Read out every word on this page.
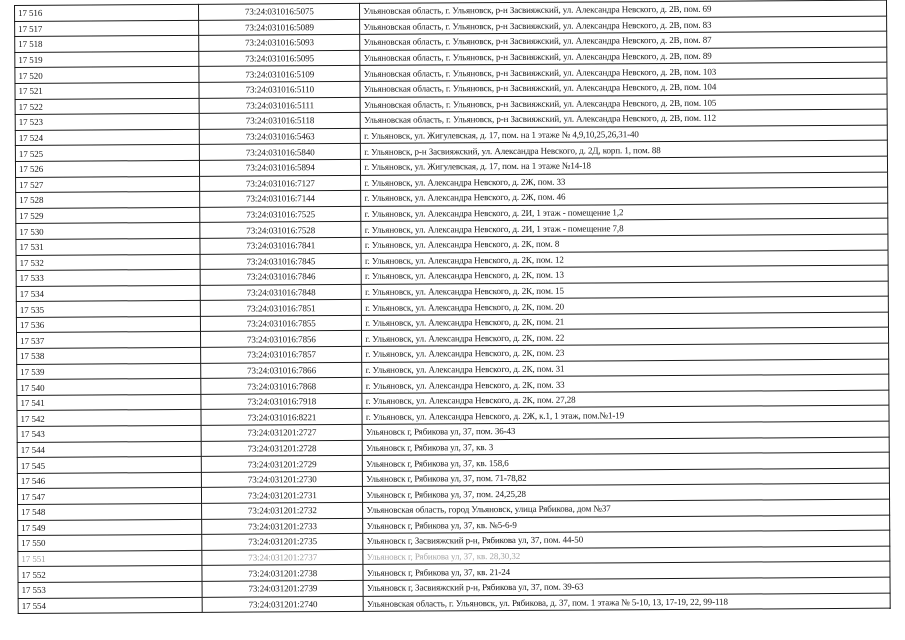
17 516	73:24:031016:5075	Ульяновская область, г. Ульяновск, р-н Засвияжский, ул. Александра Невского, д. 2В, пом. 69
17 517	73:24:031016:5089	Ульяновская область, г. Ульяновск, р-н Засвияжский, ул. Александра Невского, д. 2В, пом. 83
17 518	73:24:031016:5093	Ульяновская область, г. Ульяновск, р-н Засвияжский, ул. Александра Невского, д. 2В, пом. 87
17 519	73:24:031016:5095	Ульяновская область, г. Ульяновск, р-н Засвияжский, ул. Александра Невского, д. 2В, пом. 89
17 520	73:24:031016:5109	Ульяновская область, г. Ульяновск, р-н Засвияжский, ул. Александра Невского, д. 2В, пом. 103
17 521	73:24:031016:5110	Ульяновская область, г. Ульяновск, р-н Засвияжский, ул. Александра Невского, д. 2В, пом. 104
17 522	73:24:031016:5111	Ульяновская область, г. Ульяновск, р-н Засвияжский, ул. Александра Невского, д. 2В, пом. 105
17 523	73:24:031016:5118	Ульяновская область, г. Ульяновск, р-н Засвияжский, ул. Александра Невского, д. 2В, пом. 112
17 524	73:24:031016:5463	г. Ульяновск, ул. Жигулевская, д. 17, пом. на 1 этаже № 4,9,10,25,26,31-40
17 525	73:24:031016:5840	г. Ульяновск, р-н Засвияжский, ул. Александра Невского, д. 2Д, корп. 1, пом. 88
17 526	73:24:031016:5894	г. Ульяновск, ул. Жигулевская, д. 17, пом. на 1 этаже №14-18
17 527	73:24:031016:7127	г. Ульяновск, ул. Александра Невского, д. 2Ж, пом. 33
17 528	73:24:031016:7144	г. Ульяновск, ул. Александра Невского, д. 2Ж, пом. 46
17 529	73:24:031016:7525	г. Ульяновск, ул. Александра Невского, д. 2И, 1 этаж - помещение 1,2
17 530	73:24:031016:7528	г. Ульяновск, ул. Александра Невского, д. 2И, 1 этаж - помещение 7,8
17 531	73:24:031016:7841	г. Ульяновск, ул. Александра Невского, д. 2К, пом. 8
17 532	73:24:031016:7845	г. Ульяновск, ул. Александра Невского, д. 2К, пом. 12
17 533	73:24:031016:7846	г. Ульяновск, ул. Александра Невского, д. 2К, пом. 13
17 534	73:24:031016:7848	г. Ульяновск, ул. Александра Невского, д. 2К, пом. 15
17 535	73:24:031016:7851	г. Ульяновск, ул. Александра Невского, д. 2К, пом. 20
17 536	73:24:031016:7855	г. Ульяновск, ул. Александра Невского, д. 2К, пом. 21
17 537	73:24:031016:7856	г. Ульяновск, ул. Александра Невского, д. 2К, пом. 22
17 538	73:24:031016:7857	г. Ульяновск, ул. Александра Невского, д. 2К, пом. 23
17 539	73:24:031016:7866	г. Ульяновск, ул. Александра Невского, д. 2К, пом. 31
17 540	73:24:031016:7868	г. Ульяновск, ул. Александра Невского, д. 2К, пом. 33
17 541	73:24:031016:7918	г. Ульяновск, ул. Александра Невского, д. 2К, пом. 27,28
17 542	73:24:031016:8221	г. Ульяновск, ул. Александра Невского, д. 2Ж, к.1, 1 этаж, пом.№1-19
17 543	73:24:031201:2727	Ульяновск г, Рябикова ул, 37, пом. 36-43
17 544	73:24:031201:2728	Ульяновск г, Рябикова ул, 37, кв. 3
17 545	73:24:031201:2729	Ульяновск г, Рябикова ул, 37, кв. 158,6
17 546	73:24:031201:2730	Ульяновск г, Рябикова ул, 37, пом. 71-78,82
17 547	73:24:031201:2731	Ульяновск г, Рябикова ул, 37, пом. 24,25,28
17 548	73:24:031201:2732	Ульяновская область, город Ульяновск, улица Рябикова, дом №37
17 549	73:24:031201:2733	Ульяновск г, Рябикова ул, 37, кв. №5-6-9
17 550	73:24:031201:2735	Ульяновск г, Засвияжский р-н, Рябикова ул, 37, пом. 44-50
17 551	73:24:031201:2737	Ульяновск г, Рябикова ул, 37, кв. 28,30,32
17 552	73:24:031201:2738	Ульяновск г, Рябикова ул, 37, кв. 21-24
17 553	73:24:031201:2739	Ульяновск г, Засвияжский р-н, Рябикова ул, 37, пом. 39-63
17 554	73:24:031201:2740	Ульяновская область, г. Ульяновск, ул. Рябикова, д. 37, пом. 1 этажа № 5-10, 13, 17-19, 22, 99-118
